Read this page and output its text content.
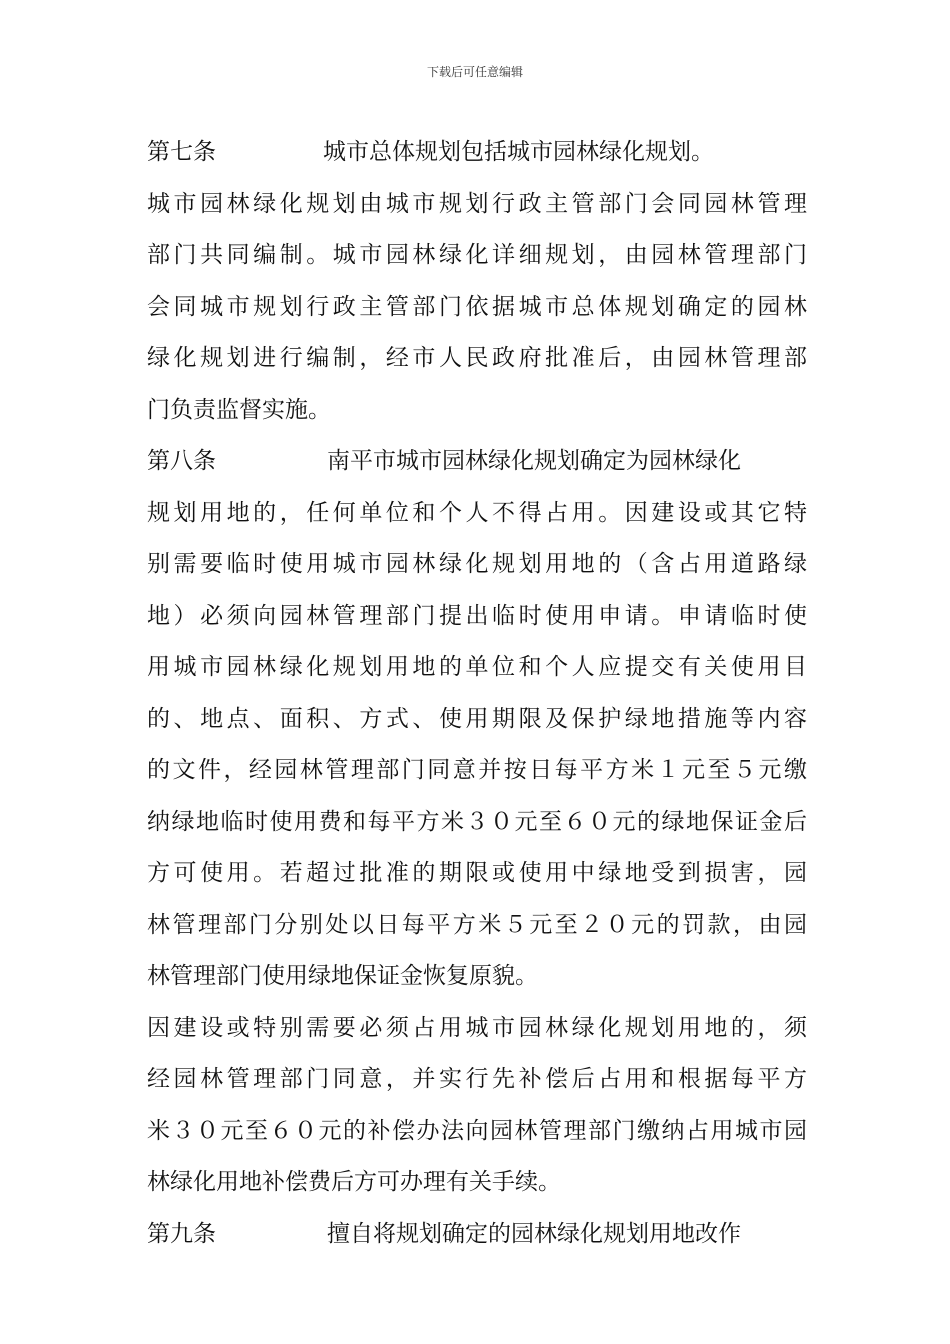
下载后可任意编辑
第七条	城市总体规划包括城市园林绿化规划。
城市园林绿化规划由城市规划行政主管部门会同园林管理
部门共同编制。城市园林绿化详细规划，由园林管理部门
会同城市规划行政主管部门依据城市总体规划确定的园林
绿化规划进行编制，经市人民政府批准后，由园林管理部
门负责监督实施。
第八条	南平市城市园林绿化规划确定为园林绿化
规划用地的，任何单位和个人不得占用。因建设或其它特
别需要临时使用城市园林绿化规划用地的（含占用道路绿
地）必须向园林管理部门提出临时使用申请。申请临时使
用城市园林绿化规划用地的单位和个人应提交有关使用目
的、地点、面积、方式、使用期限及保护绿地措施等内容
的文件，经园林管理部门同意并按日每平方米１元至５元缴
纳绿地临时使用费和每平方米３０元至６０元的绿地保证金后
方可使用。若超过批准的期限或使用中绿地受到损害，园
林管理部门分别处以日每平方米５元至２０元的罚款，由园
林管理部门使用绿地保证金恢复原貌。
因建设或特别需要必须占用城市园林绿化规划用地的，须
经园林管理部门同意，并实行先补偿后占用和根据每平方
米３０元至６０元的补偿办法向园林管理部门缴纳占用城市园
林绿化用地补偿费后方可办理有关手续。
第九条	擅自将规划确定的园林绿化规划用地改作
